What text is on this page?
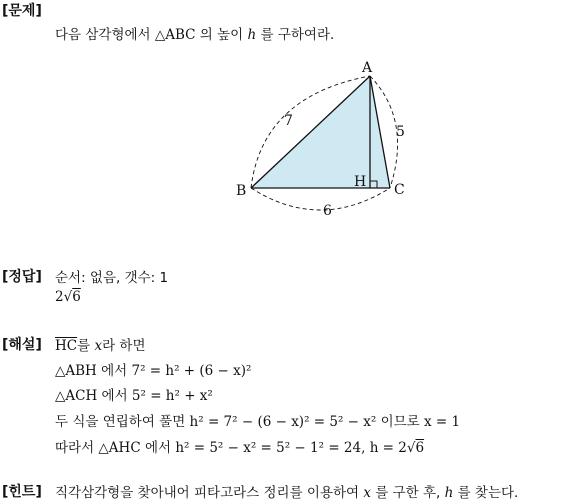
[문제]
다음 삼각형에서 △ABC 의 높이 h 를 구하여라.
A
B	C
H
7
5
6
[정답] 순서: 없음, 갯수: 1
2√6
[해설] $\overline{HC}$를 x라 하면
△ABH 에서 7² = h² + (6 − x)²
△ACH 에서 5² = h² + x²
두 식을 연립하여 풀면 h² = 7² − (6 − x)² = 5² − x² 이므로 x = 1
따라서 △AHC 에서 h² = 5² − x² = 5² − 1² = 24, h = 2√6
[힌트] 직각삼각형을 찾아내어 피타고라스 정리를 이용하여 x 를 구한 후, h 를 찾는다.
